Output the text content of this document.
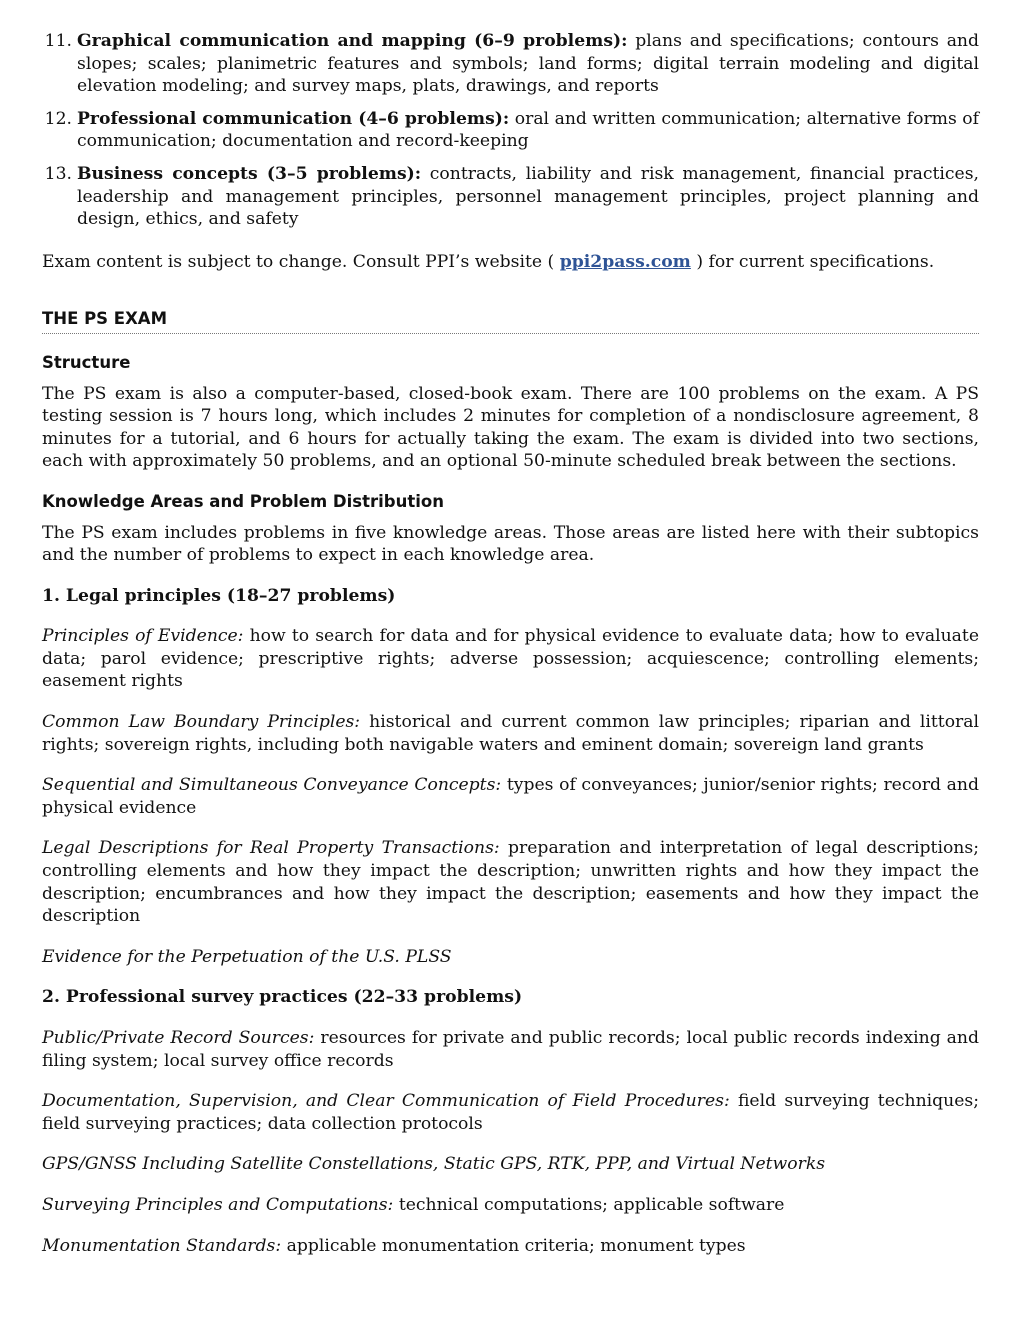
11. Graphical communication and mapping (6–9 problems): plans and specifications; contours and slopes; scales; planimetric features and symbols; land forms; digital terrain modeling and digital elevation modeling; and survey maps, plats, drawings, and reports
12. Professional communication (4–6 problems): oral and written communication; alternative forms of communication; documentation and record-keeping
13. Business concepts (3–5 problems): contracts, liability and risk management, financial practices, leadership and management principles, personnel management principles, project planning and design, ethics, and safety

Exam content is subject to change. Consult PPI’s website ( ppi2pass.com ) for current specifications.

THE PS EXAM
Structure

The PS exam is also a computer-based, closed-book exam. There are 100 problems on the exam. A PS testing session is 7 hours long, which includes 2 minutes for completion of a nondisclosure agreement, 8 minutes for a tutorial, and 6 hours for actually taking the exam. The exam is divided into two sections, each with approximately 50 problems, and an optional 50-minute scheduled break between the sections.

Knowledge Areas and Problem Distribution

The PS exam includes problems in five knowledge areas. Those areas are listed here with their subtopics and the number of problems to expect in each knowledge area.

1. Legal principles (18–27 problems)

Principles of Evidence: how to search for data and for physical evidence to evaluate data; how to evaluate data; parol evidence; prescriptive rights; adverse possession; acquiescence; controlling elements; easement rights

Common Law Boundary Principles: historical and current common law principles; riparian and littoral rights; sovereign rights, including both navigable waters and eminent domain; sovereign land grants

Sequential and Simultaneous Conveyance Concepts: types of conveyances; junior/senior rights; record and physical evidence

Legal Descriptions for Real Property Transactions: preparation and interpretation of legal descriptions; controlling elements and how they impact the description; unwritten rights and how they impact the description; encumbrances and how they impact the description; easements and how they impact the description

Evidence for the Perpetuation of the U.S. PLSS

2. Professional survey practices (22–33 problems)

Public/Private Record Sources: resources for private and public records; local public records indexing and filing system; local survey office records

Documentation, Supervision, and Clear Communication of Field Procedures: field surveying techniques; field surveying practices; data collection protocols

GPS/GNSS Including Satellite Constellations, Static GPS, RTK, PPP, and Virtual Networks

Surveying Principles and Computations: technical computations; applicable software

Monumentation Standards: applicable monumentation criteria; monument types
